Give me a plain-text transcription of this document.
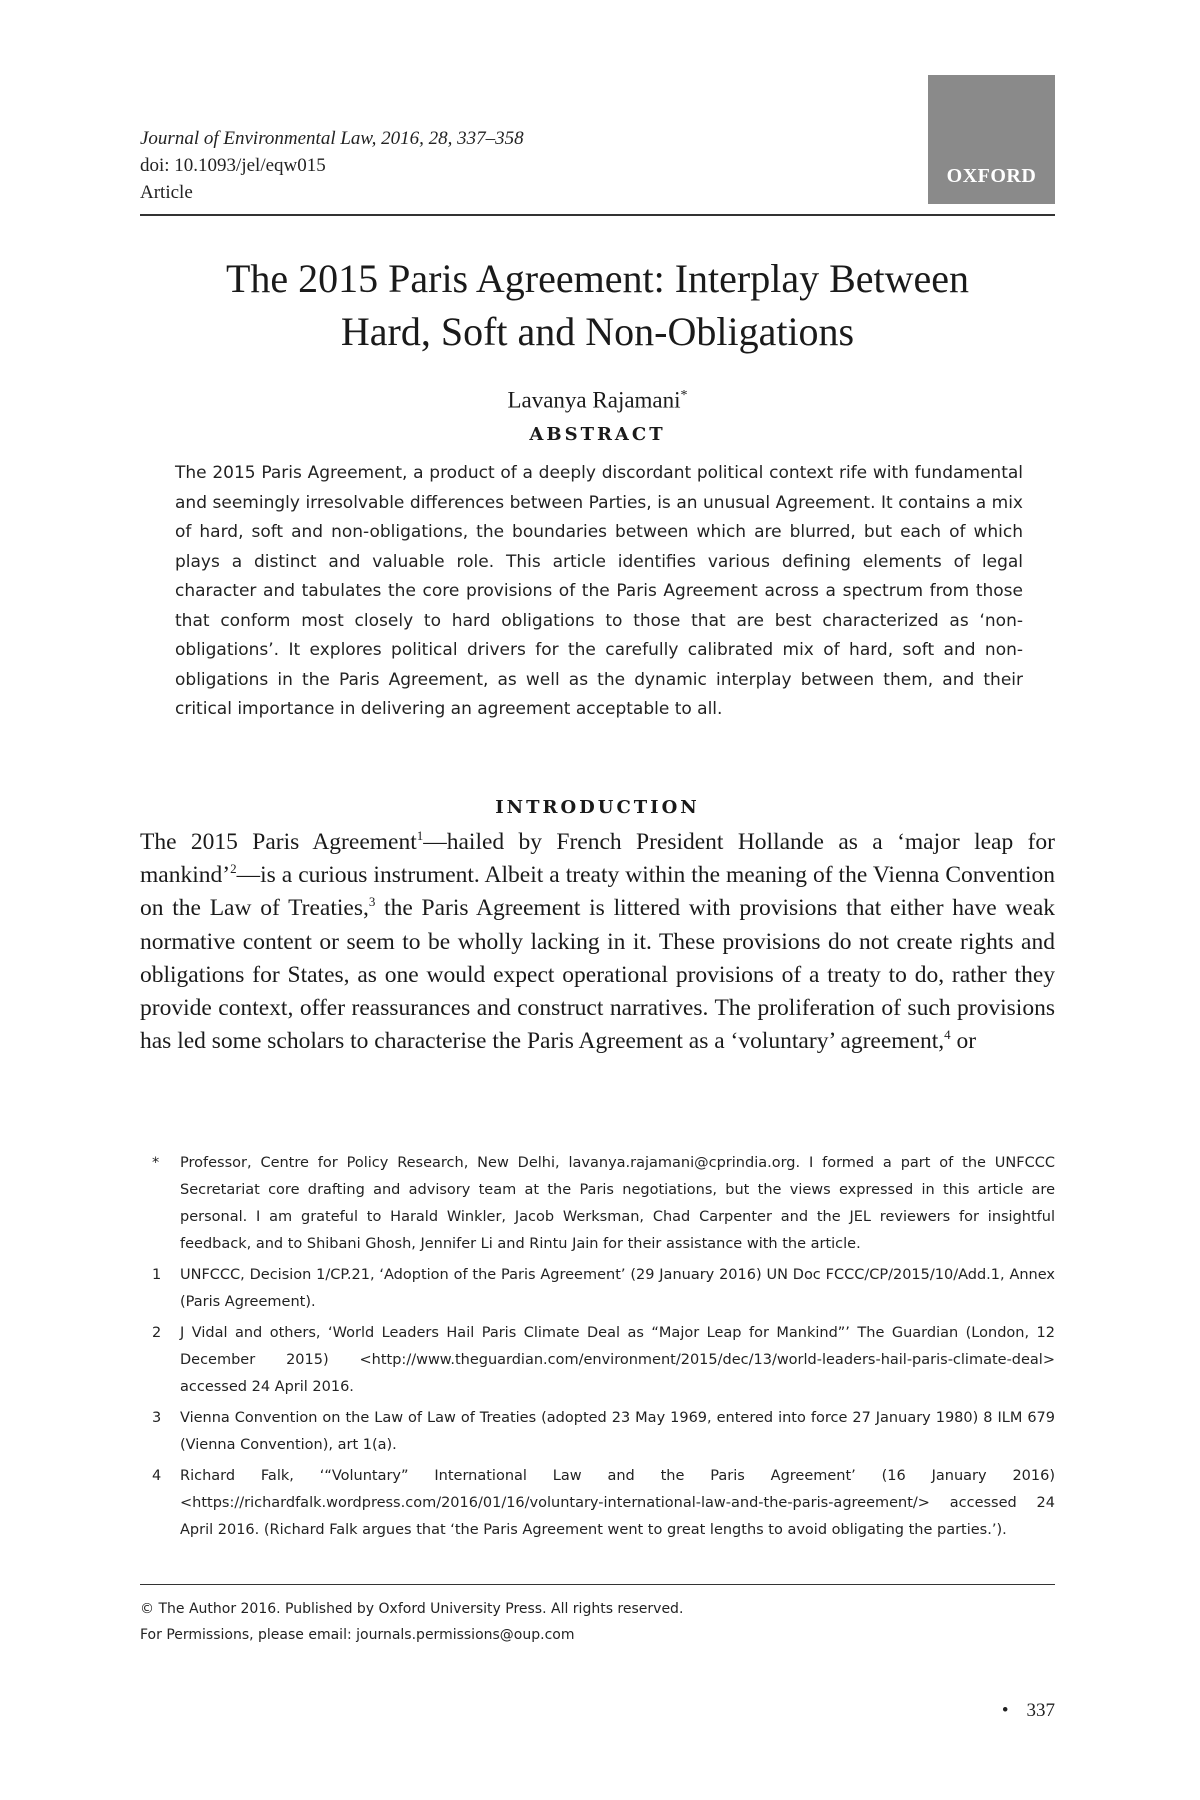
Journal of Environmental Law, 2016, 28, 337–358
doi: 10.1093/jel/eqw015
Article
OXFORD
The 2015 Paris Agreement: Interplay Between
Hard, Soft and Non-Obligations
Lavanya Rajamani*
ABSTRACT
The 2015 Paris Agreement, a product of a deeply discordant political context rife with fundamental and seemingly irresolvable differences between Parties, is an unusual Agreement. It contains a mix of hard, soft and non-obligations, the boundaries between which are blurred, but each of which plays a distinct and valuable role. This article identifies various defining elements of legal character and tabulates the core provisions of the Paris Agreement across a spectrum from those that conform most closely to hard obligations to those that are best characterized as ‘non-obligations’. It explores political drivers for the carefully calibrated mix of hard, soft and non-obligations in the Paris Agreement, as well as the dynamic interplay between them, and their critical importance in delivering an agreement acceptable to all.
INTRODUCTION
The 2015 Paris Agreement$^1$—hailed by French President Hollande as a ‘major leap for mankind’$^2$—is a curious instrument. Albeit a treaty within the meaning of the Vienna Convention on the Law of Treaties,$^3$ the Paris Agreement is littered with provisions that either have weak normative content or seem to be wholly lacking in it. These provisions do not create rights and obligations for States, as one would expect operational provisions of a treaty to do, rather they provide context, offer reassurances and construct narratives. The proliferation of such provisions has led some scholars to characterise the Paris Agreement as a ‘voluntary’ agreement,$^4$ or
*	Professor, Centre for Policy Research, New Delhi, lavanya.rajamani@cprindia.org. I formed a part of the UNFCCC Secretariat core drafting and advisory team at the Paris negotiations, but the views expressed in this article are personal. I am grateful to Harald Winkler, Jacob Werksman, Chad Carpenter and the JEL reviewers for insightful feedback, and to Shibani Ghosh, Jennifer Li and Rintu Jain for their assistance with the article.
1	UNFCCC, Decision 1/CP.21, ‘Adoption of the Paris Agreement’ (29 January 2016) UN Doc FCCC/CP/2015/10/Add.1, Annex (Paris Agreement).
2	J Vidal and others, ‘World Leaders Hail Paris Climate Deal as “Major Leap for Mankind”’ The Guardian (London, 12 December 2015) <http://www.theguardian.com/environment/2015/dec/13/world-leaders-hail-paris-climate-deal> accessed 24 April 2016.
3	Vienna Convention on the Law of Law of Treaties (adopted 23 May 1969, entered into force 27 January 1980) 8 ILM 679 (Vienna Convention), art 1(a).
4	Richard Falk, ‘“Voluntary” International Law and the Paris Agreement’ (16 January 2016) <https://richardfalk.wordpress.com/2016/01/16/voluntary-international-law-and-the-paris-agreement/> accessed 24 April 2016. (Richard Falk argues that ‘the Paris Agreement went to great lengths to avoid obligating the parties.’).
© The Author 2016. Published by Oxford University Press. All rights reserved.
For Permissions, please email: journals.permissions@oup.com
• 337
